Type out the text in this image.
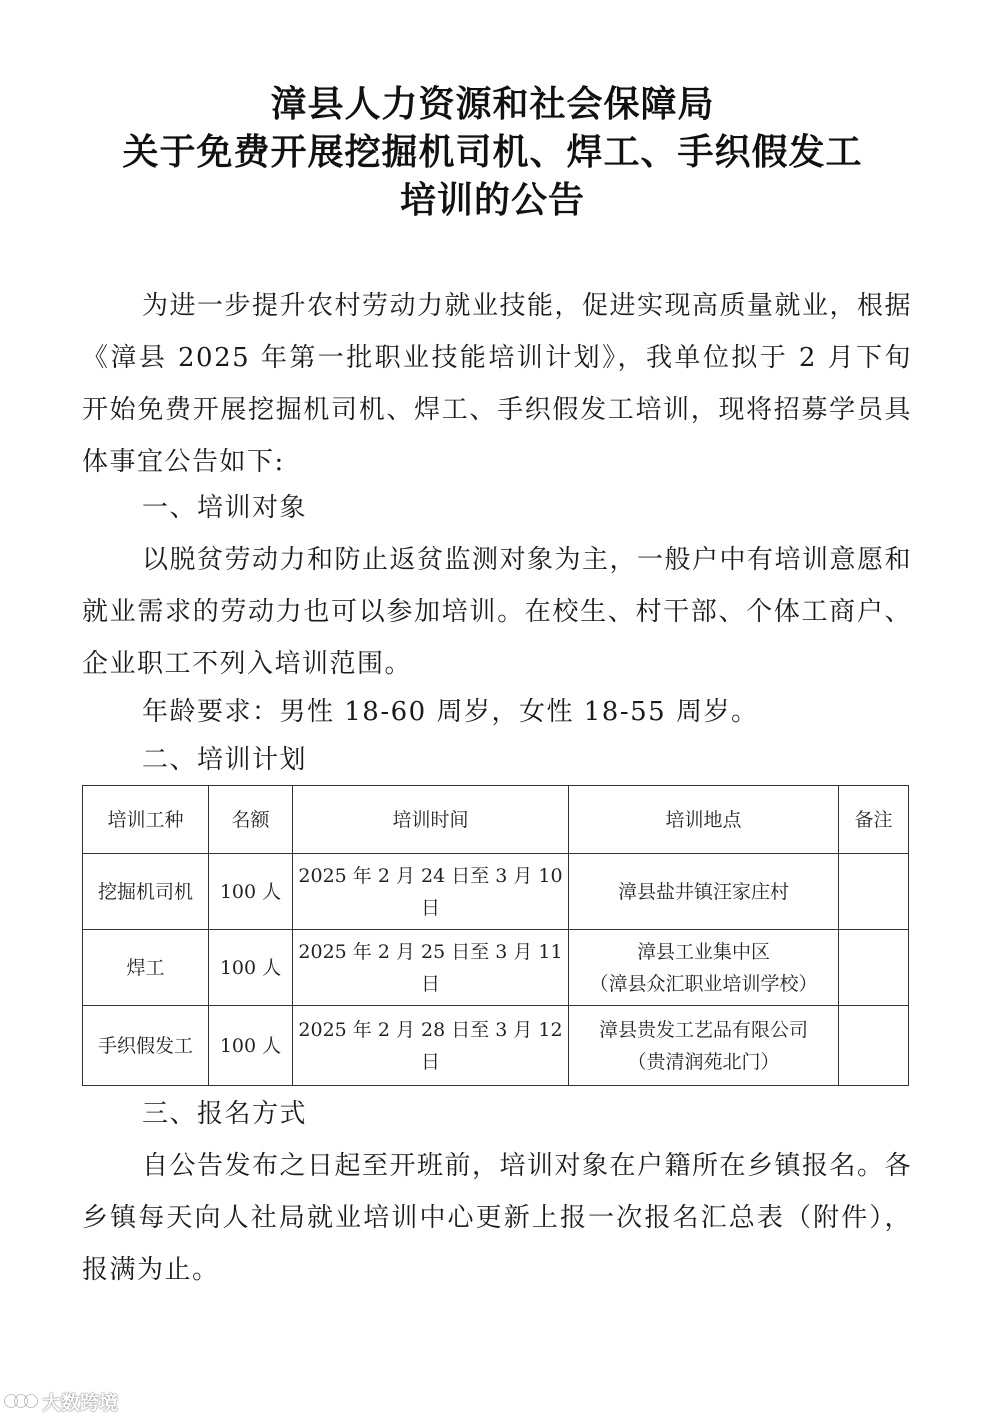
漳县人力资源和社会保障局
关于免费开展挖掘机司机、焊工、手织假发工
培训的公告

为进一步提升农村劳动力就业技能，促进实现高质量就业，根据《漳县 2025 年第一批职业技能培训计划》，我单位拟于 2 月下旬开始免费开展挖掘机司机、焊工、手织假发工培训，现将招募学员具体事宜公告如下:

一、培训对象

以脱贫劳动力和防止返贫监测对象为主，一般户中有培训意愿和就业需求的劳动力也可以参加培训。在校生、村干部、个体工商户、企业职工不列入培训范围。

年龄要求：男性 18-60 周岁，女性 18-55 周岁。

二、培训计划

培训工种	名额	培训时间	培训地点	备注
挖掘机司机	100 人	2025 年 2 月 24 日至 3 月 10 日	漳县盐井镇汪家庄村	

焊工	100 人	2025 年 2 月 25 日至 3 月 11 日	漳县工业集中区
（漳县众汇职业培训学校）	

手织假发工	100 人	2025 年 2 月 28 日至 3 月 12 日	漳县贵发工艺品有限公司
（贵清润苑北门）	

三、报名方式

自公告发布之日起至开班前，培训对象在户籍所在乡镇报名。各乡镇每天向人社局就业培训中心更新上报一次报名汇总表（附件），报满为止。

大数跨境
